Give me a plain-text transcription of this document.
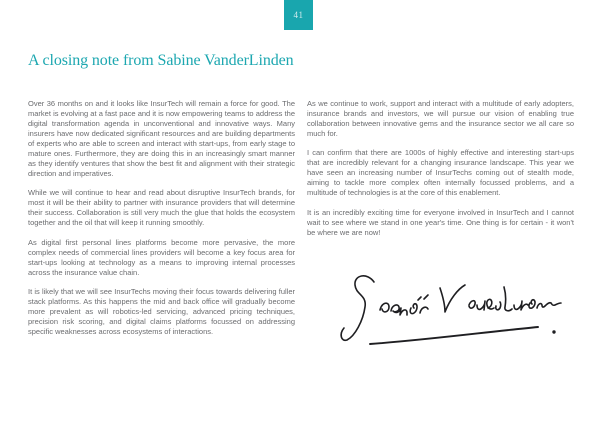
41
A closing note from Sabine VanderLinden

Over 36 months on and it looks like InsurTech will remain a force for good. The market is evolving at a fast pace and it is now empowering teams to address the digital transformation agenda in unconventional and innovative ways. Many insurers have now dedicated significant resources and are building departments of experts who are able to screen and interact with start-ups, from early stage to mature ones. Furthermore, they are doing this in an increasingly smart manner as they identify ventures that show the best fit and alignment with their strategic direction and imperatives.

While we will continue to hear and read about disruptive InsurTech brands, for most it will be their ability to partner with insurance providers that will determine their success. Collaboration is still very much the glue that holds the ecosystem together and the oil that will keep it running smoothly.

As digital first personal lines platforms become more pervasive, the more complex needs of commercial lines providers will become a key focus area for start-ups looking at technology as a means to improving internal processes across the insurance value chain.

It is likely that we will see InsurTechs moving their focus towards delivering fuller stack platforms. As this happens the mid and back office will gradually become more prevalent as will robotics-led servicing, advanced pricing techniques, precision risk scoring, and digital claims platforms focussed on addressing specific weaknesses across ecosystems of interactions.

As we continue to work, support and interact with a multitude of early adopters, insurance brands and investors, we will pursue our vision of enabling true collaboration between innovative gems and the insurance sector we all care so much for.

I can confirm that there are 1000s of highly effective and interesting start-ups that are incredibly relevant for a changing insurance landscape. This year we have seen an increasing number of InsurTechs coming out of stealth mode, aiming to tackle more complex often internally focussed problems, and a multitude of technologies is at the core of this enablement.

It is an incredibly exciting time for everyone involved in InsurTech and I cannot wait to see where we stand in one year's time. One thing is for certain - it won't be where we are now!
